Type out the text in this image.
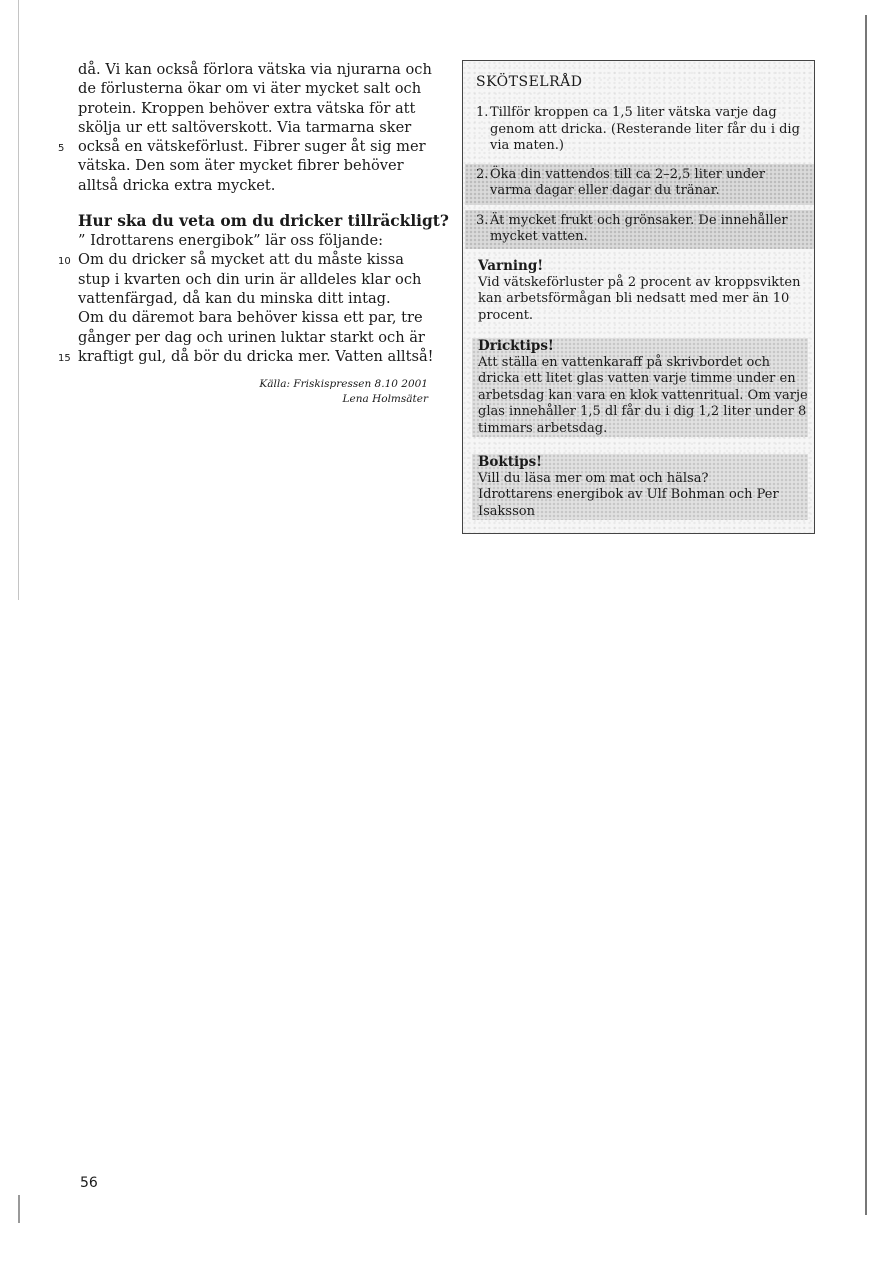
då. Vi kan också förlora vätska via njurarna och
de förlusterna ökar om vi äter mycket salt och
protein. Kroppen behöver extra vätska för att
skölja ur ett saltöverskott. Via tarmarna sker
5 också en vätskeförlust. Fibrer suger åt sig mer
vätska. Den som äter mycket fibrer behöver
alltså dricka extra mycket.
Hur ska du veta om du dricker tillräckligt?
” Idrottarens energibok” lär oss följande:
10 Om du dricker så mycket att du måste kissa
stup i kvarten och din urin är alldeles klar och
vattenfärgad, då kan du minska ditt intag.
Om du däremot bara behöver kissa ett par, tre
gånger per dag och urinen luktar starkt och är
15 kraftigt gul, då bör du dricka mer. Vatten alltså!
Källa: Friskispressen 8.10 2001
Lena Holmsäter
SKÖTSELRÅD
1. Tillför kroppen ca 1,5 liter vätska varje dag
genom att dricka. (Resterande liter får du i dig
via maten.)
2. Öka din vattendos till ca 2–2,5 liter under
varma dagar eller dagar du tränar.
3. Ät mycket frukt och grönsaker. De innehåller
mycket vatten.
Varning!
Vid vätskeförluster på 2 procent av kroppsvikten
kan arbetsförmågan bli nedsatt med mer än 10
procent.
Dricktips!
Att ställa en vattenkaraff på skrivbordet och
dricka ett litet glas vatten varje timme under en
arbetsdag kan vara en klok vattenritual. Om varje
glas innehåller 1,5 dl får du i dig 1,2 liter under 8
timmars arbetsdag.
Boktips!
Vill du läsa mer om mat och hälsa?
Idrottarens energibok av Ulf Bohman och Per
Isaksson
56
